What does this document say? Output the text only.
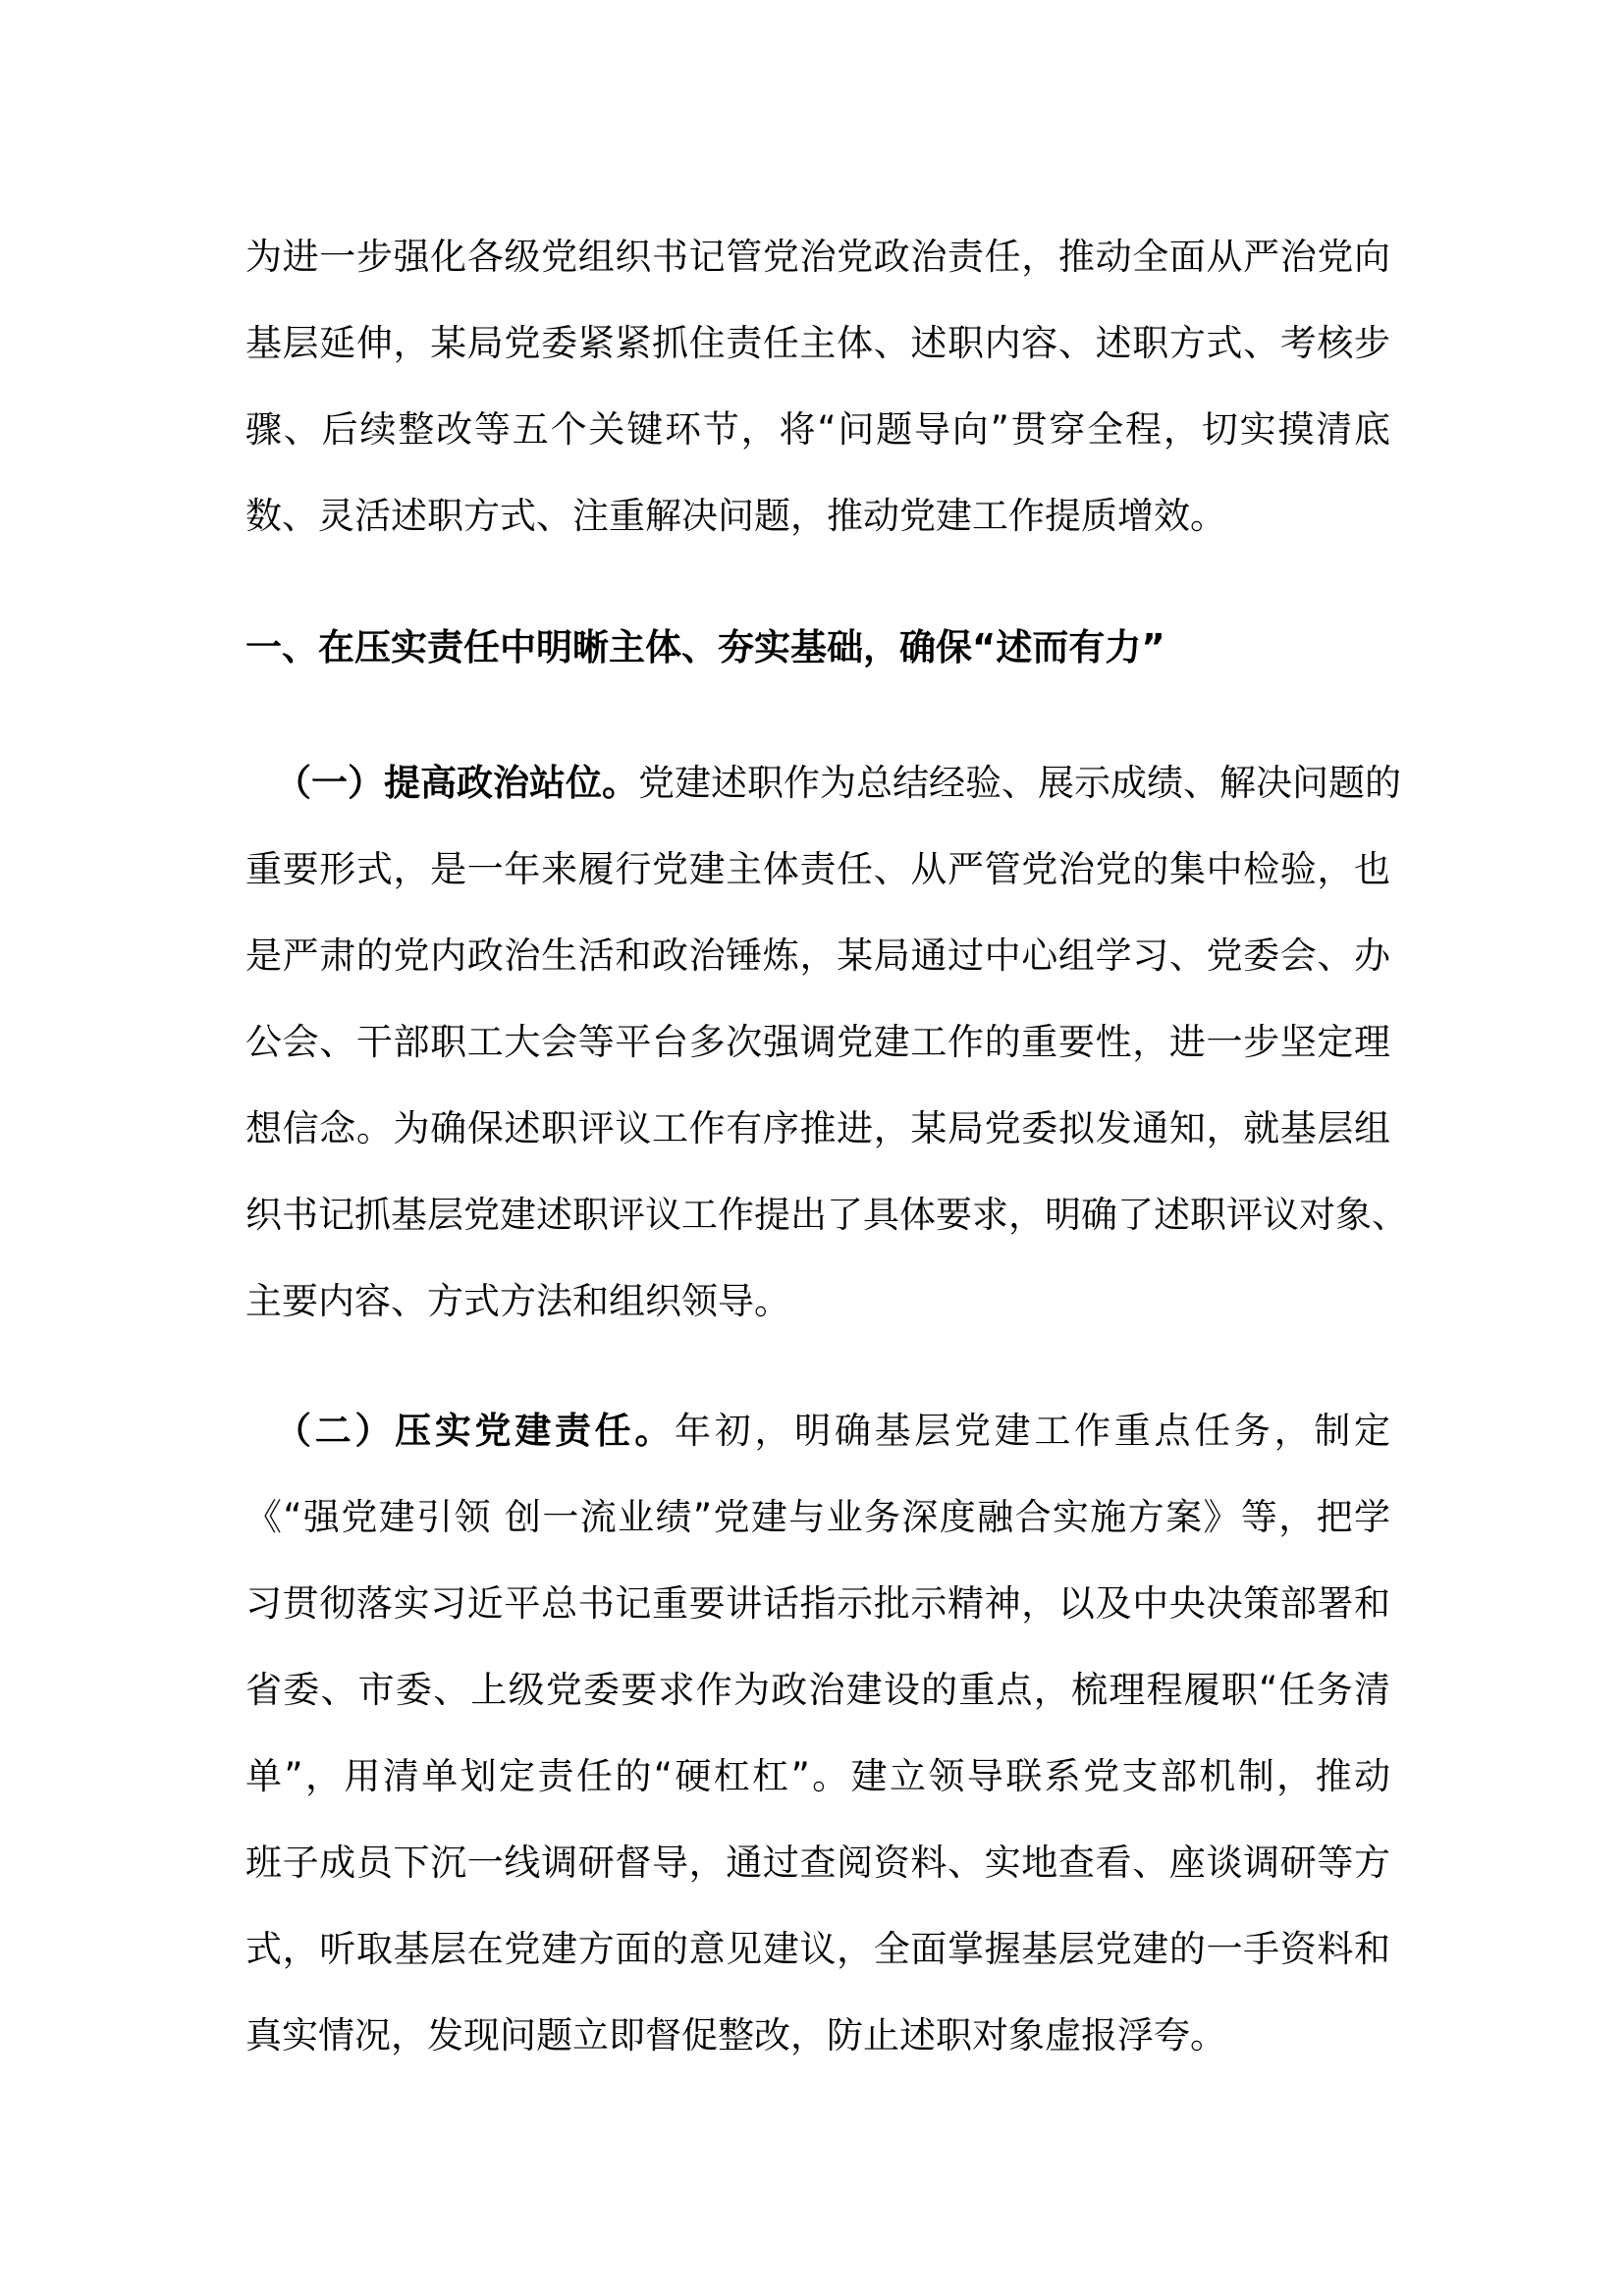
为进一步强化各级党组织书记管党治党政治责任，推动全面从严治党向
基层延伸，某局党委紧紧抓住责任主体、述职内容、述职方式、考核步
骤、后续整改等五个关键环节，将“问题导向”贯穿全程，切实摸清底
数、灵活述职方式、注重解决问题，推动党建工作提质增效。
一、在压实责任中明晰主体、夯实基础，确保“述而有力”
（一）提高政治站位。党建述职作为总结经验、展示成绩、解决问题的
重要形式，是一年来履行党建主体责任、从严管党治党的集中检验，也
是严肃的党内政治生活和政治锤炼，某局通过中心组学习、党委会、办
公会、干部职工大会等平台多次强调党建工作的重要性，进一步坚定理
想信念。为确保述职评议工作有序推进，某局党委拟发通知，就基层组
织书记抓基层党建述职评议工作提出了具体要求，明确了述职评议对象、
主要内容、方式方法和组织领导。
（二）压实党建责任。年初，明确基层党建工作重点任务，制定
《“强党建引领 创一流业绩”党建与业务深度融合实施方案》等，把学
习贯彻落实习近平总书记重要讲话指示批示精神，以及中央决策部署和
省委、市委、上级党委要求作为政治建设的重点，梳理程履职“任务清
单”，用清单划定责任的“硬杠杠”。建立领导联系党支部机制，推动
班子成员下沉一线调研督导，通过查阅资料、实地查看、座谈调研等方
式，听取基层在党建方面的意见建议，全面掌握基层党建的一手资料和
真实情况，发现问题立即督促整改，防止述职对象虚报浮夸。
